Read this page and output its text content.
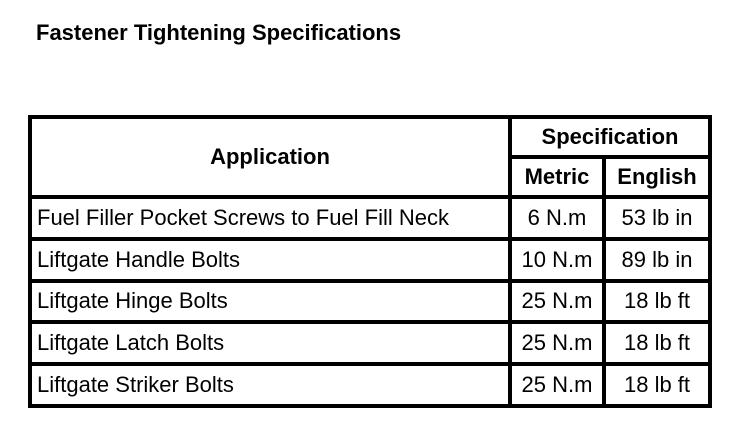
Fastener Tightening Specifications
Application	Specification	
	Metric	English
Fuel Filler Pocket Screws to Fuel Fill Neck	6 N.m	53 lb in
Liftgate Handle Bolts	10 N.m	89 lb in
Liftgate Hinge Bolts	25 N.m	18 lb ft
Liftgate Latch Bolts	25 N.m	18 lb ft
Liftgate Striker Bolts	25 N.m	18 lb ft
